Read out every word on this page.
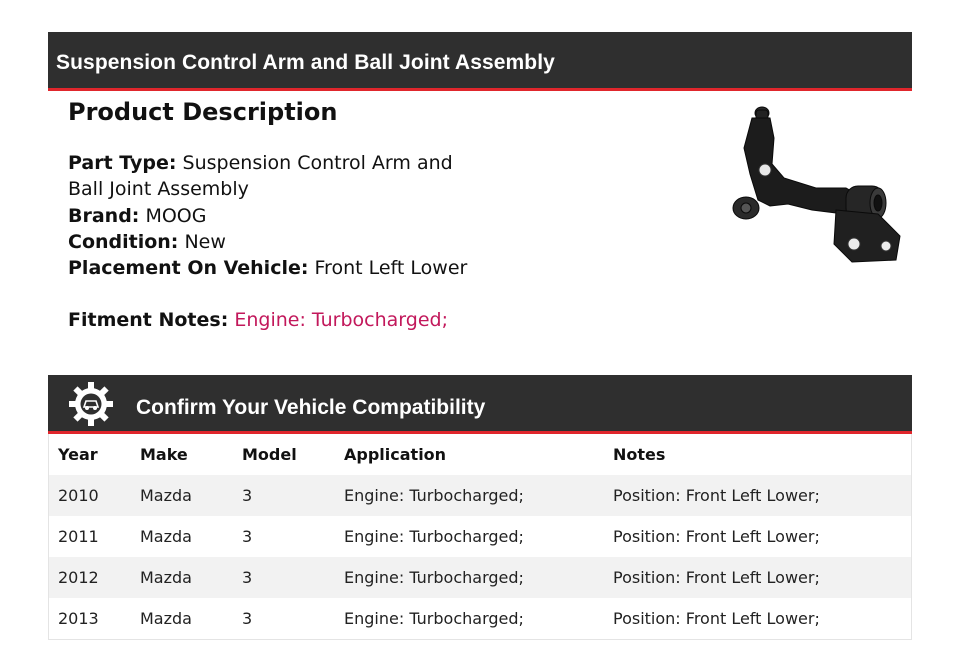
Suspension Control Arm and Ball Joint Assembly
Product Description
Part Type: Suspension Control Arm and Ball Joint Assembly
Brand: MOOG
Condition: New
Placement On Vehicle: Front Left Lower
Fitment Notes: Engine: Turbocharged;
Confirm Your Vehicle Compatibility
Year	Make	Model	Application	Notes
2010	Mazda	3	Engine: Turbocharged;	Position: Front Left Lower;
2011	Mazda	3	Engine: Turbocharged;	Position: Front Left Lower;
2012	Mazda	3	Engine: Turbocharged;	Position: Front Left Lower;
2013	Mazda	3	Engine: Turbocharged;	Position: Front Left Lower;
